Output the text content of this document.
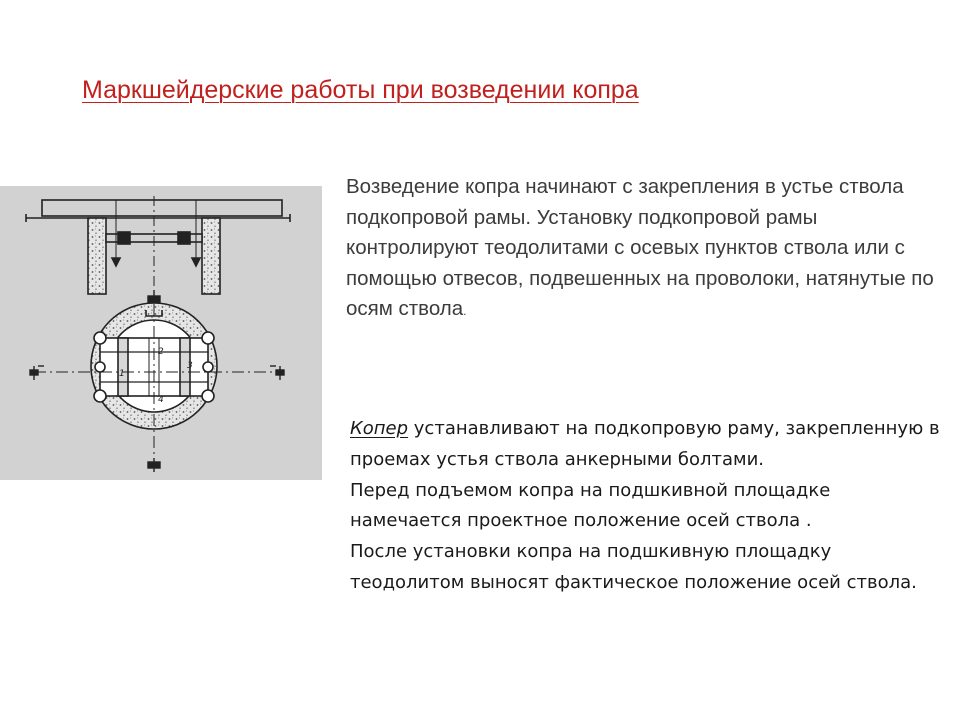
Маркшейдерские работы при возведении копра
1
2
3
4
Возведение копра начинают с закрепления в устье ствола подкопровой рамы. Установку подкопровой рамы контролируют теодолитами с осевых пунктов ствола или с помощью отвесов, подвешенных на проволоки, натянутые по осям ствола.

Копер устанавливают на подкопровую раму, закрепленную в проемах устья ствола анкерными болтами.

Перед подъемом копра на подшкивной площадке намечается проектное положение осей ствола .

После установки копра на подшкивную площадку теодолитом выносят фактическое положение осей ствола.
